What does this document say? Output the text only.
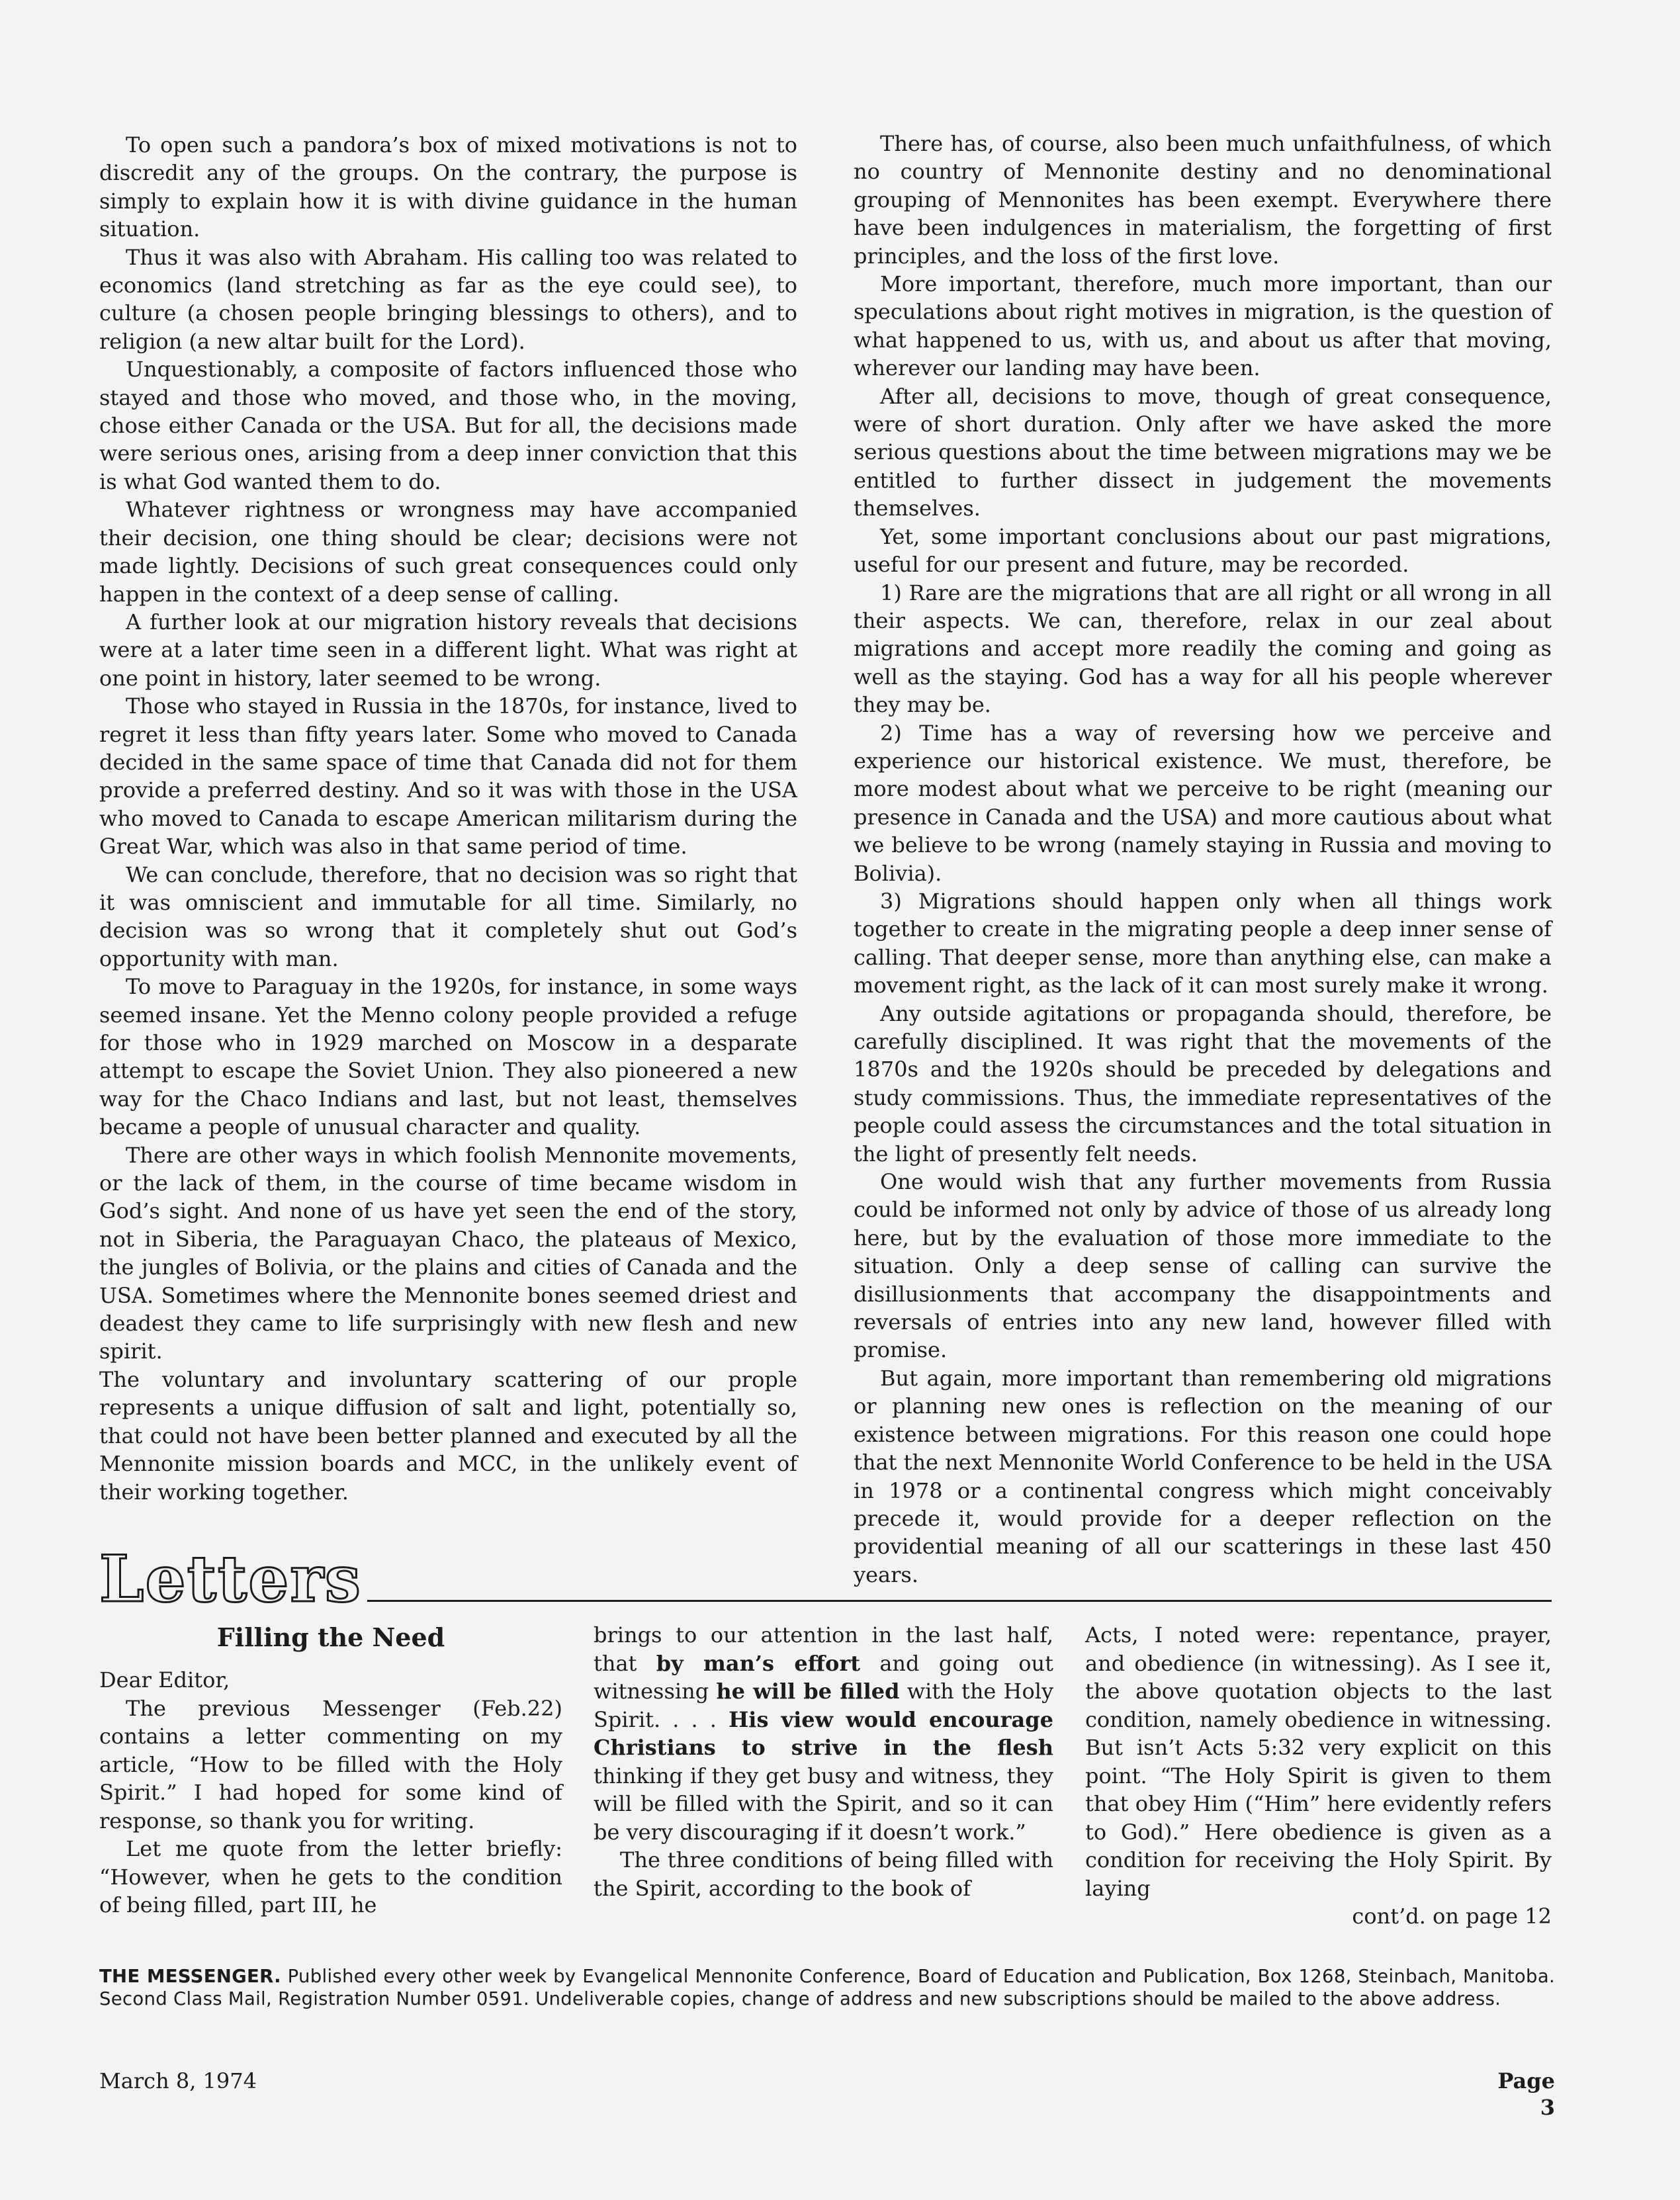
To open such a pandora’s box of mixed motivations is not to discredit any of the groups. On the contrary, the purpose is simply to explain how it is with divine guidance in the human situation.

Thus it was also with Abraham. His calling too was related to economics (land stretching as far as the eye could see), to culture (a chosen people bringing blessings to others), and to religion (a new altar built for the Lord).

Unquestionably, a composite of factors influenced those who stayed and those who moved, and those who, in the moving, chose either Canada or the USA. But for all, the decisions made were serious ones, arising from a deep inner conviction that this is what God wanted them to do.

Whatever rightness or wrongness may have accompanied their decision, one thing should be clear; decisions were not made lightly. Decisions of such great consequences could only happen in the context of a deep sense of calling.

A further look at our migration history reveals that decisions were at a later time seen in a different light. What was right at one point in history, later seemed to be wrong.

Those who stayed in Russia in the 1870s, for instance, lived to regret it less than fifty years later. Some who moved to Canada decided in the same space of time that Canada did not for them provide a preferred destiny. And so it was with those in the USA who moved to Canada to escape American militarism during the Great War, which was also in that same period of time.

We can conclude, therefore, that no decision was so right that it was omniscient and immutable for all time. Similarly, no decision was so wrong that it completely shut out God’s opportunity with man.

To move to Paraguay in the 1920s, for instance, in some ways seemed insane. Yet the Menno colony people provided a refuge for those who in 1929 marched on Moscow in a desparate attempt to escape the Soviet Union. They also pioneered a new way for the Chaco Indians and last, but not least, themselves became a people of unusual character and quality.

There are other ways in which foolish Mennonite movements, or the lack of them, in the course of time became wisdom in God’s sight. And none of us have yet seen the end of the story, not in Siberia, the Paraguayan Chaco, the plateaus of Mexico, the jungles of Bolivia, or the plains and cities of Canada and the USA. Sometimes where the Mennonite bones seemed driest and deadest they came to life surprisingly with new flesh and new spirit.

The voluntary and involuntary scattering of our prople represents a unique diffusion of salt and light, potentially so, that could not have been better planned and executed by all the Mennonite mission boards and MCC, in the unlikely event of their working together.

There has, of course, also been much unfaithfulness, of which no country of Mennonite destiny and no denominational grouping of Mennonites has been exempt. Everywhere there have been indulgences in materialism, the forgetting of first principles, and the loss of the first love.

More important, therefore, much more important, than our speculations about right motives in migration, is the question of what happened to us, with us, and about us after that moving, wherever our landing may have been.

After all, decisions to move, though of great consequence, were of short duration. Only after we have asked the more serious questions about the time between migrations may we be entitled to further dissect in judgement the movements themselves.

Yet, some important conclusions about our past migrations, useful for our present and future, may be recorded.

1) Rare are the migrations that are all right or all wrong in all their aspects. We can, therefore, relax in our zeal about migrations and accept more readily the coming and going as well as the staying. God has a way for all his people wherever they may be.

2) Time has a way of reversing how we perceive and experience our historical existence. We must, therefore, be more modest about what we perceive to be right (meaning our presence in Canada and the USA) and more cautious about what we believe to be wrong (namely staying in Russia and moving to Bolivia).

3) Migrations should happen only when all things work together to create in the migrating people a deep inner sense of calling. That deeper sense, more than anything else, can make a movement right, as the lack of it can most surely make it wrong.

Any outside agitations or propaganda should, therefore, be carefully disciplined. It was right that the movements of the 1870s and the 1920s should be preceded by delegations and study commissions. Thus, the immediate representatives of the people could assess the circumstances and the total situation in the light of presently felt needs.

One would wish that any further movements from Russia could be informed not only by advice of those of us already long here, but by the evaluation of those more immediate to the situation. Only a deep sense of calling can survive the disillusionments that accompany the disappointments and reversals of entries into any new land, however filled with promise.

But again, more important than remembering old migrations or planning new ones is reflection on the meaning of our existence between migrations. For this reason one could hope that the next Mennonite World Conference to be held in the USA in 1978 or a continental congress which might conceivably precede it, would provide for a deeper reflection on the providential meaning of all our scatterings in these last 450 years.

Letters

Filling the Need

Dear Editor,

The previous Messenger (Feb.22) contains a letter commenting on my article, “How to be filled with the Holy Spirit.” I had hoped for some kind of response, so thank you for writing.

Let me quote from the letter briefly: “However, when he gets to the condition of being filled, part III, he

brings to our attention in the last half, that by man’s effort and going out witnessing he will be filled with the Holy Spirit. . . . His view would encourage Christians to strive in the flesh thinking if they get busy and witness, they will be filled with the Spirit, and so it can be very discouraging if it doesn’t work.”

The three conditions of being filled with the Spirit, according to the book of

Acts, I noted were: repentance, prayer, and obedience (in witnessing). As I see it, the above quotation objects to the last condition, namely obedience in witnessing. But isn’t Acts 5:32 very explicit on this point. “The Holy Spirit is given to them that obey Him (“Him” here evidently refers to God).” Here obedience is given as a condition for receiving the Holy Spirit. By laying

cont’d. on page 12

THE MESSENGER. Published every other week by Evangelical Mennonite Conference, Board of Education and Publication, Box 1268, Steinbach, Manitoba. Second Class Mail, Registration Number 0591. Undeliverable copies, change of address and new subscriptions should be mailed to the above address.
March 8, 1974	Page 3
